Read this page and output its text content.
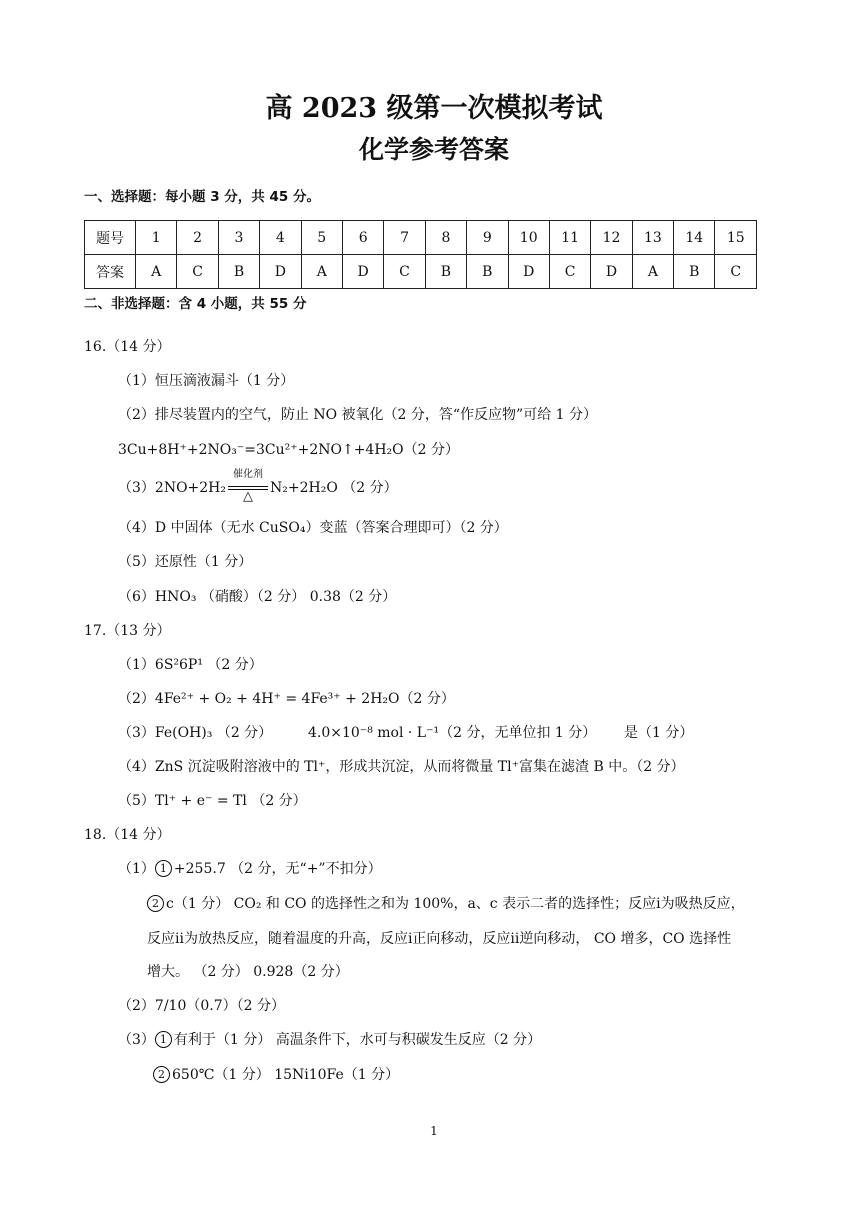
高 2023 级第一次模拟考试
化学参考答案
一、选择题：每小题 3 分，共 45 分。
题号	1	2	3	4	5	6	7	8	9	10	11	12	13	14	15
答案	A	C	B	D	A	D	C	B	B	D	C	D	A	B	C
二、非选择题：含 4 小题，共 55 分
16.（14 分）
（1）恒压滴液漏斗（1 分）
（2）排尽装置内的空气，防止 NO 被氧化（2 分，答“作反应物”可给 1 分）
3Cu+8H⁺+2NO₃⁻=3Cu²⁺+2NO↑+4H₂O（2 分）
（3）2NO+2H₂
催化剂
△
N₂+2H₂O （2 分）
（4）D 中固体（无水 CuSO₄）变蓝（答案合理即可）（2 分）
（5）还原性（1 分）
（6）HNO₃ （硝酸）（2 分） 0.38（2 分）
17.（13 分）
（1）6S²6P¹ （2 分）
（2）4Fe²⁺ + O₂ + 4H⁺ = 4Fe³⁺ + 2H₂O（2 分）
（3）Fe(OH)₃ （2 分）	4.0×10⁻⁸ mol · L⁻¹（2 分，无单位扣 1 分） 是（1 分）
（4）ZnS 沉淀吸附溶液中的 Tl⁺，形成共沉淀，从而将微量 Tl⁺富集在滤渣 B 中。（2 分）
（5）Tl⁺ + e⁻ = Tl （2 分）
18.（14 分）
（1） 1 +255.7 （2 分，无“+”不扣分）
2 c（1 分） CO₂ 和 CO 的选择性之和为 100%，a、c 表示二者的选择性；反应i为吸热反应，
反应ii为放热反应，随着温度的升高，反应i正向移动，反应ii逆向移动， CO 增多，CO 选择性
增大。 （2 分） 0.928（2 分）
（2）7/10（0.7）（2 分）
（3） 1 有利于（1 分） 高温条件下，水可与积碳发生反应（2 分）
2 650℃（1 分） 15Ni10Fe（1 分）
1
